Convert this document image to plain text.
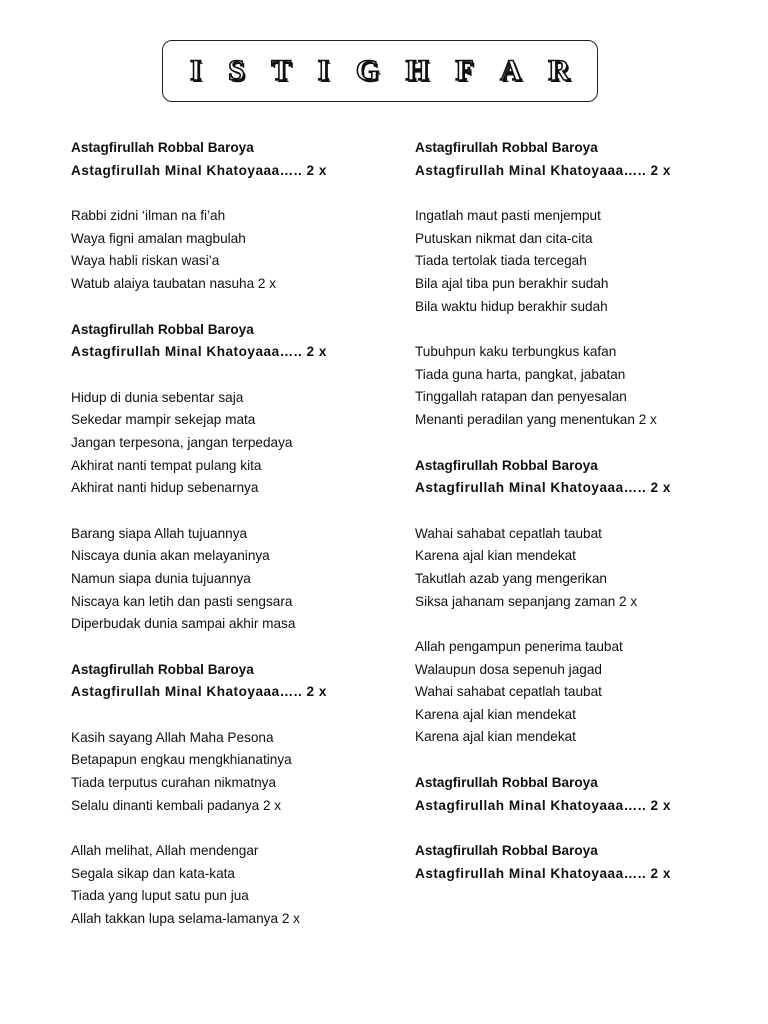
I S T I G H F A R
Astagfirullah Robbal Baroya
Astagfirullah Minal Khatoyaaa….. 2 x
Rabbi zidni ‘ilman na fi’ah
Waya figni amalan magbulah
Waya habli riskan wasi’a
Watub alaiya taubatan nasuha 2 x
Astagfirullah Robbal Baroya
Astagfirullah Minal Khatoyaaa….. 2 x
Hidup di dunia sebentar saja
Sekedar mampir sekejap mata
Jangan terpesona, jangan terpedaya
Akhirat nanti tempat pulang kita
Akhirat nanti hidup sebenarnya
Barang siapa Allah tujuannya
Niscaya dunia akan melayaninya
Namun siapa dunia tujuannya
Niscaya kan letih dan pasti sengsara
Diperbudak dunia sampai akhir masa
Astagfirullah Robbal Baroya
Astagfirullah Minal Khatoyaaa….. 2 x
Kasih sayang Allah Maha Pesona
Betapapun engkau mengkhianatinya
Tiada terputus curahan nikmatnya
Selalu dinanti kembali padanya 2 x
Allah melihat, Allah mendengar
Segala sikap dan kata-kata
Tiada yang luput satu pun jua
Allah takkan lupa selama-lamanya 2 x
Astagfirullah Robbal Baroya
Astagfirullah Minal Khatoyaaa….. 2 x
Ingatlah maut pasti menjemput
Putuskan nikmat dan cita-cita
Tiada tertolak tiada tercegah
Bila ajal tiba pun berakhir sudah
Bila waktu hidup berakhir sudah
Tubuhpun kaku terbungkus kafan
Tiada guna harta, pangkat, jabatan
Tinggallah ratapan dan penyesalan
Menanti peradilan yang menentukan 2 x
Astagfirullah Robbal Baroya
Astagfirullah Minal Khatoyaaa….. 2 x
Wahai sahabat cepatlah taubat
Karena ajal kian mendekat
Takutlah azab yang mengerikan
Siksa jahanam sepanjang zaman 2 x
Allah pengampun penerima taubat
Walaupun dosa sepenuh jagad
Wahai sahabat cepatlah taubat
Karena ajal kian mendekat
Karena ajal kian mendekat
Astagfirullah Robbal Baroya
Astagfirullah Minal Khatoyaaa….. 2 x
Astagfirullah Robbal Baroya
Astagfirullah Minal Khatoyaaa….. 2 x
